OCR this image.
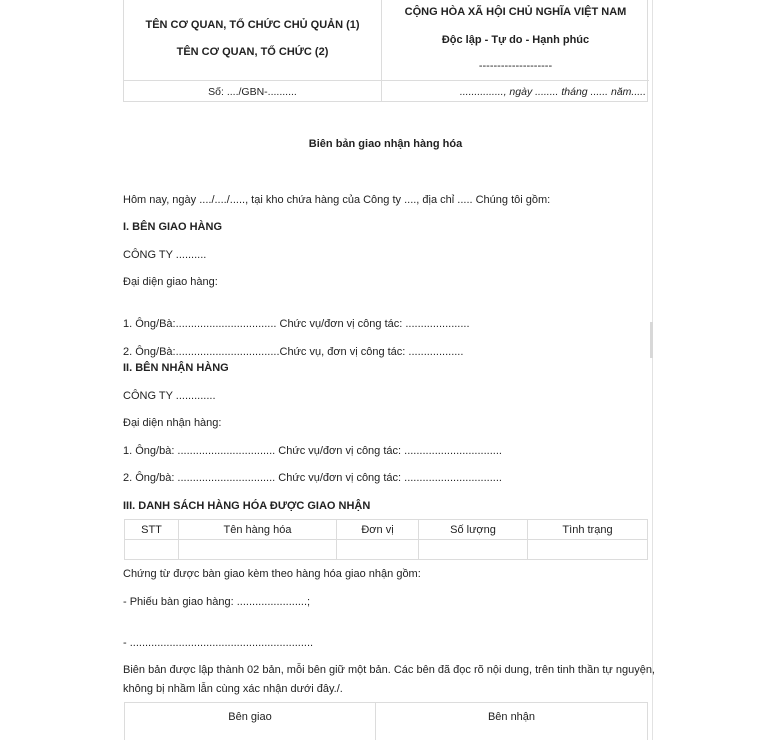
TÊN CƠ QUAN, TỔ CHỨC CHỦ QUẢN (1)
TÊN CƠ QUAN, TỔ CHỨC (2)
CỘNG HÒA XÃ HỘI CHỦ NGHĨA VIỆT NAM
Độc lập - Tự do - Hạnh phúc
--------------------
Số: ..../GBN-..........	..............., ngày ........ tháng ...... năm.....
Biên bản giao nhận hàng hóa
Hôm nay, ngày ..../..../....., tại kho chứa hàng của Công ty ...., địa chỉ ..... Chúng tôi gồm:
I. BÊN GIAO HÀNG
CÔNG TY ..........
Đại diện giao hàng:
1. Ông/Bà:................................. Chức vụ/đơn vị công tác: .....................
2. Ông/Bà:..................................Chức vụ, đơn vị công tác: ..................
II. BÊN NHẬN HÀNG
CÔNG TY .............
Đại diện nhận hàng:
1. Ông/bà: ................................ Chức vụ/đơn vị công tác: ................................
2. Ông/bà: ................................ Chức vụ/đơn vị công tác: ................................
III. DANH SÁCH HÀNG HÓA ĐƯỢC GIAO NHẬN
STT	Tên hàng hóa	Đơn vị	Số lượng	Tình trạng

Chứng từ được bàn giao kèm theo hàng hóa giao nhận gồm:
- Phiếu bàn giao hàng: .......................;
- ............................................................
Biên bản được lập thành 02 bản, mỗi bên giữ một bản. Các bên đã đọc rõ nội dung, trên tinh thần tự nguyện,
không bị nhầm lẫn cùng xác nhận dưới đây./.
Bên giao	Bên nhận
